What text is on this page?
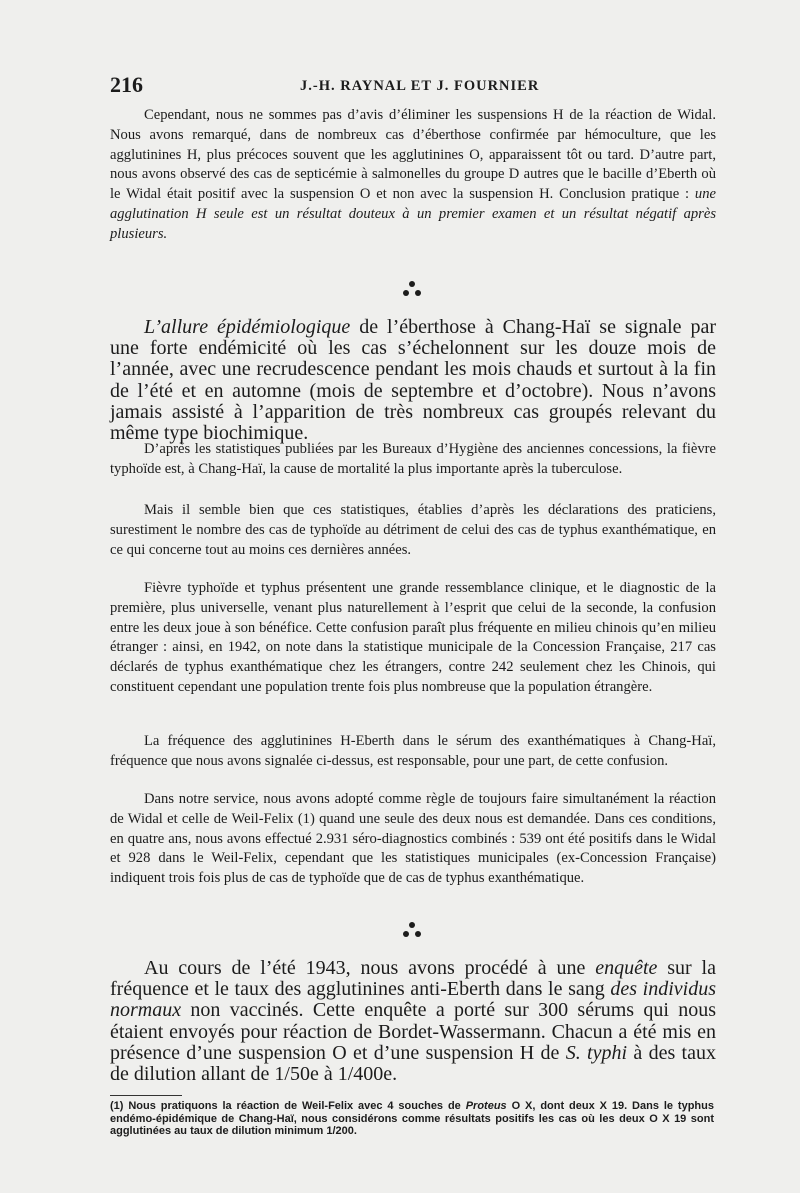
216	J.-H. RAYNAL ET J. FOURNIER

Cependant, nous ne sommes pas d’avis d’éliminer les suspensions H de la réaction de Widal. Nous avons remarqué, dans de nombreux cas d’éberthose confirmée par hémoculture, que les agglutinines H, plus précoces souvent que les agglutinines O, apparaissent tôt ou tard. D’autre part, nous avons observé des cas de septicémie à salmonelles du groupe D autres que le bacille d’Eberth où le Widal était positif avec la suspension O et non avec la suspension H. Conclusion pratique : une agglutination H seule est un résultat douteux à un premier examen et un résultat négatif après plusieurs.

L’allure épidémiologique de l’éberthose à Chang-Haï se signale par une forte endémicité où les cas s’échelonnent sur les douze mois de l’année, avec une recrudescence pendant les mois chauds et surtout à la fin de l’été et en automne (mois de septembre et d’octobre). Nous n’avons jamais assisté à l’apparition de très nombreux cas groupés relevant du même type biochimique.

D’après les statistiques publiées par les Bureaux d’Hygiène des anciennes concessions, la fièvre typhoïde est, à Chang-Haï, la cause de mortalité la plus importante après la tuberculose.

Mais il semble bien que ces statistiques, établies d’après les déclarations des praticiens, surestiment le nombre des cas de typhoïde au détriment de celui des cas de typhus exanthématique, en ce qui concerne tout au moins ces dernières années.

Fièvre typhoïde et typhus présentent une grande ressemblance clinique, et le diagnostic de la première, plus universelle, venant plus naturellement à l’esprit que celui de la seconde, la confusion entre les deux joue à son bénéfice. Cette confusion paraît plus fréquente en milieu chinois qu’en milieu étranger : ainsi, en 1942, on note dans la statistique municipale de la Concession Française, 217 cas déclarés de typhus exanthématique chez les étrangers, contre 242 seulement chez les Chinois, qui constituent cependant une population trente fois plus nombreuse que la population étrangère.

La fréquence des agglutinines H-Eberth dans le sérum des exanthématiques à Chang-Haï, fréquence que nous avons signalée ci-dessus, est responsable, pour une part, de cette confusion.

Dans notre service, nous avons adopté comme règle de toujours faire simultanément la réaction de Widal et celle de Weil-Felix (1) quand une seule des deux nous est demandée. Dans ces conditions, en quatre ans, nous avons effectué 2.931 séro-diagnostics combinés : 539 ont été positifs dans le Widal et 928 dans le Weil-Felix, cependant que les statistiques municipales (ex-Concession Française) indiquent trois fois plus de cas de typhoïde que de cas de typhus exanthématique.

Au cours de l’été 1943, nous avons procédé à une enquête sur la fréquence et le taux des agglutinines anti-Eberth dans le sang des individus normaux non vaccinés. Cette enquête a porté sur 300 sérums qui nous étaient envoyés pour réaction de Bordet-Wassermann. Chacun a été mis en présence d’une suspension O et d’une suspension H de S. typhi à des taux de dilution allant de 1/50e à 1/400e.

(1) Nous pratiquons la réaction de Weil-Felix avec 4 souches de Proteus O X, dont deux X 19. Dans le typhus endémo-épidémique de Chang-Haï, nous considérons comme résultats positifs les cas où les deux O X 19 sont agglutinées au taux de dilution minimum 1/200.
